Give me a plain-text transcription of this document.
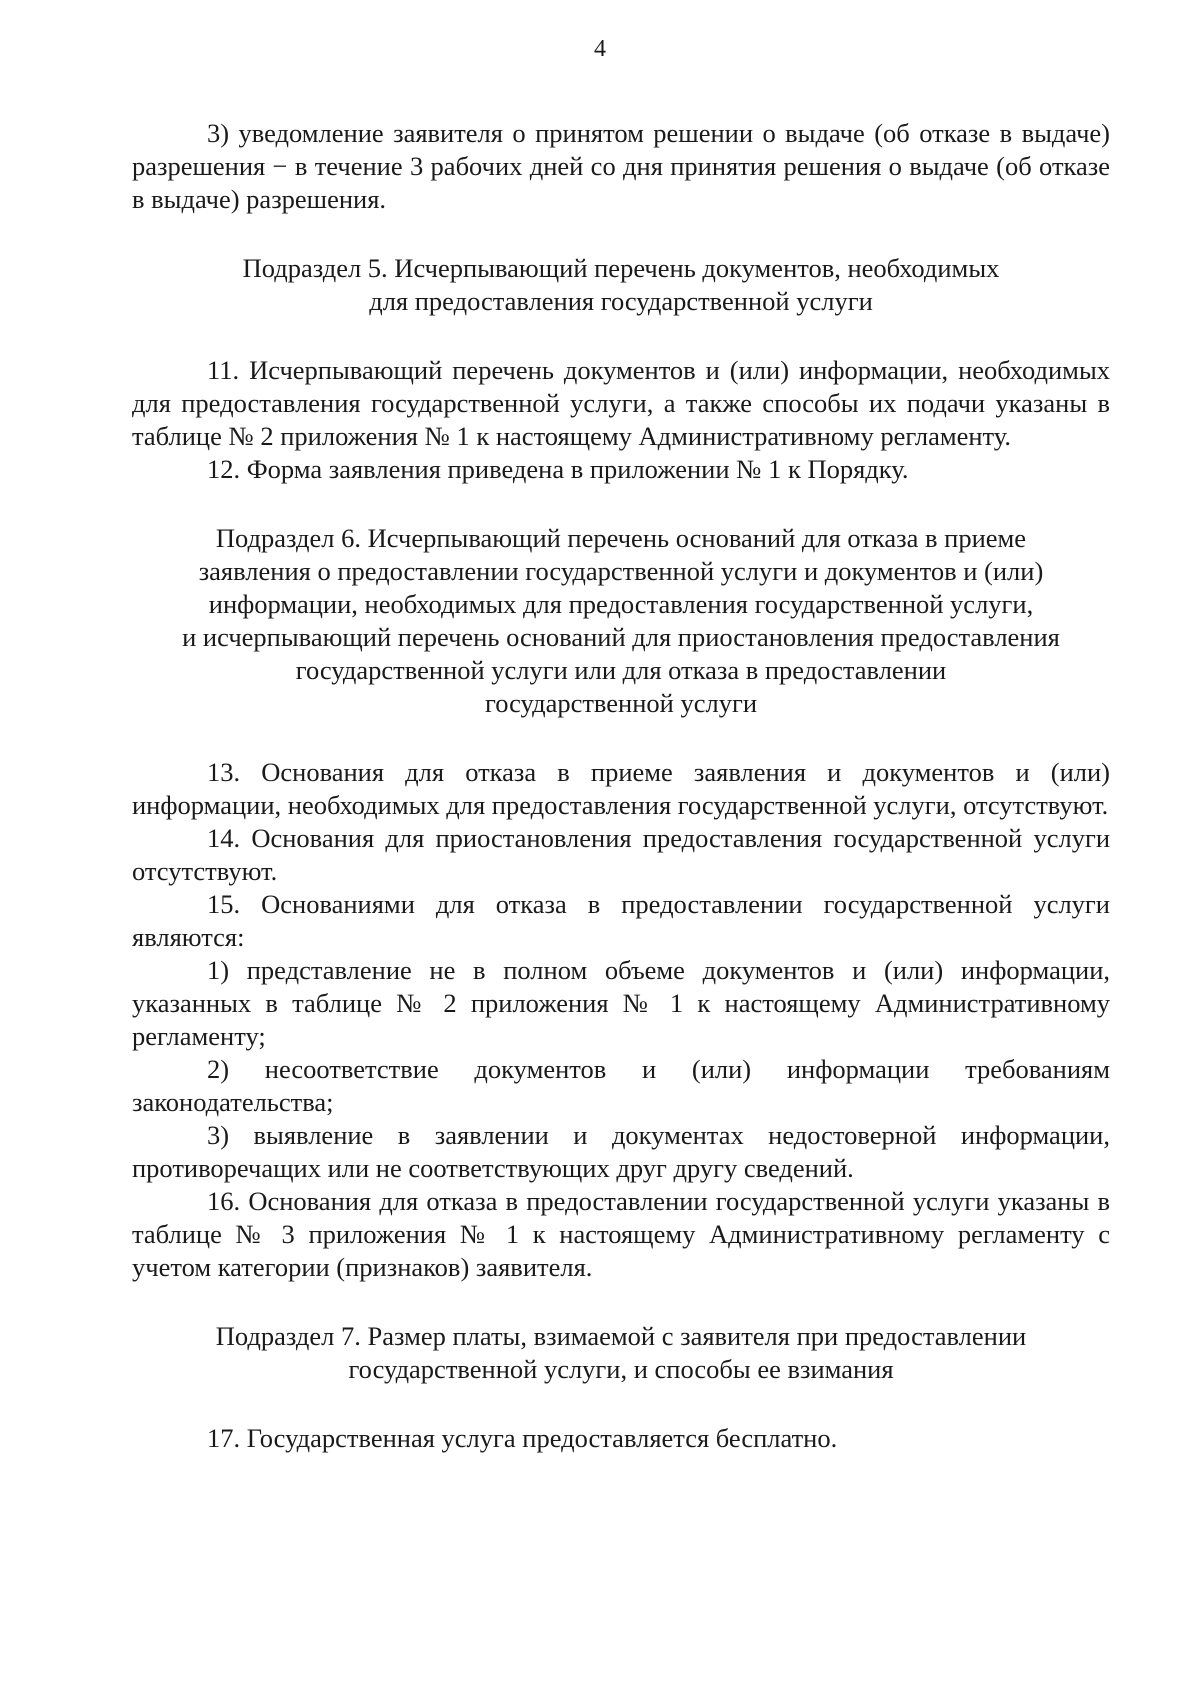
4

3) уведомление заявителя о принятом решении о выдаче (об отказе в выдаче) разрешения − в течение 3 рабочих дней со дня принятия решения о выдаче (об отказе в выдаче) разрешения.

Подраздел 5. Исчерпывающий перечень документов, необходимых
для предоставления государственной услуги

11. Исчерпывающий перечень документов и (или) информации, необходимых для предоставления государственной услуги, а также способы их подачи указаны в таблице № 2 приложения № 1 к настоящему Административному регламенту.

12. Форма заявления приведена в приложении № 1 к Порядку.

Подраздел 6. Исчерпывающий перечень оснований для отказа в приеме
заявления о предоставлении государственной услуги и документов и (или)
информации, необходимых для предоставления государственной услуги,
и исчерпывающий перечень оснований для приостановления предоставления
государственной услуги или для отказа в предоставлении
государственной услуги

13. Основания для отказа в приеме заявления и документов и (или) информации, необходимых для предоставления государственной услуги, отсутствуют.

14. Основания для приостановления предоставления государственной услуги отсутствуют.

15. Основаниями для отказа в предоставлении государственной услуги являются:

1) представление не в полном объеме документов и (или) информации, указанных в таблице № 2 приложения № 1 к настоящему Административному регламенту;

2) несоответствие документов и (или) информации требованиям законодательства;

3) выявление в заявлении и документах недостоверной информации, противоречащих или не соответствующих друг другу сведений.

16. Основания для отказа в предоставлении государственной услуги указаны в таблице № 3 приложения № 1 к настоящему Административному регламенту с учетом категории (признаков) заявителя.

Подраздел 7. Размер платы, взимаемой с заявителя при предоставлении
государственной услуги, и способы ее взимания

17. Государственная услуга предоставляется бесплатно.
